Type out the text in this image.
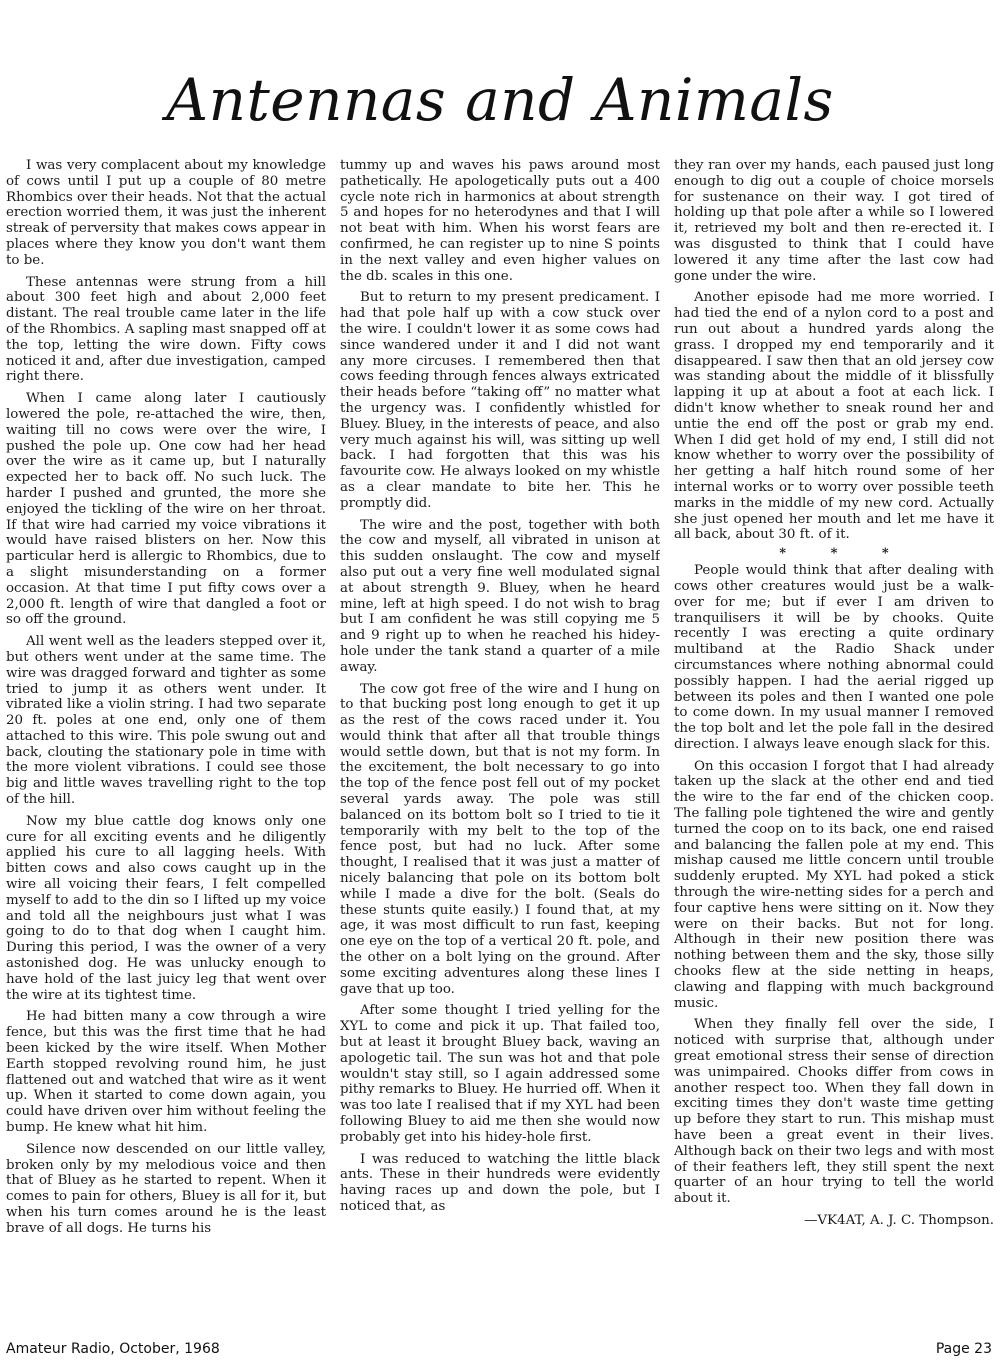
Antennas and Animals

I was very complacent about my knowledge of cows until I put up a couple of 80 metre Rhombics over their heads. Not that the actual erection worried them, it was just the inherent streak of perversity that makes cows appear in places where they know you don't want them to be.

These antennas were strung from a hill about 300 feet high and about 2,000 feet distant. The real trouble came later in the life of the Rhombics. A sapling mast snapped off at the top, letting the wire down. Fifty cows noticed it and, after due investigation, camped right there.

When I came along later I cautiously lowered the pole, re-attached the wire, then, waiting till no cows were over the wire, I pushed the pole up. One cow had her head over the wire as it came up, but I naturally expected her to back off. No such luck. The harder I pushed and grunted, the more she enjoyed the tickling of the wire on her throat. If that wire had carried my voice vibrations it would have raised blisters on her. Now this particular herd is allergic to Rhombics, due to a slight misunderstanding on a former occasion. At that time I put fifty cows over a 2,000 ft. length of wire that dangled a foot or so off the ground.

All went well as the leaders stepped over it, but others went under at the same time. The wire was dragged forward and tighter as some tried to jump it as others went under. It vibrated like a violin string. I had two separate 20 ft. poles at one end, only one of them attached to this wire. This pole swung out and back, clouting the stationary pole in time with the more violent vibrations. I could see those big and little waves travelling right to the top of the hill.

Now my blue cattle dog knows only one cure for all exciting events and he diligently applied his cure to all lagging heels. With bitten cows and also cows caught up in the wire all voicing their fears, I felt compelled myself to add to the din so I lifted up my voice and told all the neighbours just what I was going to do to that dog when I caught him. During this period, I was the owner of a very astonished dog. He was unlucky enough to have hold of the last juicy leg that went over the wire at its tightest time.

He had bitten many a cow through a wire fence, but this was the first time that he had been kicked by the wire itself. When Mother Earth stopped revolving round him, he just flattened out and watched that wire as it went up. When it started to come down again, you could have driven over him without feeling the bump. He knew what hit him.

Silence now descended on our little valley, broken only by my melodious voice and then that of Bluey as he started to repent. When it comes to pain for others, Bluey is all for it, but when his turn comes around he is the least brave of all dogs. He turns his

tummy up and waves his paws around most pathetically. He apologetically puts out a 400 cycle note rich in harmonics at about strength 5 and hopes for no heterodynes and that I will not beat with him. When his worst fears are confirmed, he can register up to nine S points in the next valley and even higher values on the db. scales in this one.

But to return to my present predicament. I had that pole half up with a cow stuck over the wire. I couldn't lower it as some cows had since wandered under it and I did not want any more circuses. I remembered then that cows feeding through fences always extricated their heads before “taking off” no matter what the urgency was. I confidently whistled for Bluey. Bluey, in the interests of peace, and also very much against his will, was sitting up well back. I had forgotten that this was his favourite cow. He always looked on my whistle as a clear mandate to bite her. This he promptly did.

The wire and the post, together with both the cow and myself, all vibrated in unison at this sudden onslaught. The cow and myself also put out a very fine well modulated signal at about strength 9. Bluey, when he heard mine, left at high speed. I do not wish to brag but I am confident he was still copying me 5 and 9 right up to when he reached his hidey-hole under the tank stand a quarter of a mile away.

The cow got free of the wire and I hung on to that bucking post long enough to get it up as the rest of the cows raced under it. You would think that after all that trouble things would settle down, but that is not my form. In the excitement, the bolt necessary to go into the top of the fence post fell out of my pocket several yards away. The pole was still balanced on its bottom bolt so I tried to tie it temporarily with my belt to the top of the fence post, but had no luck. After some thought, I realised that it was just a matter of nicely balancing that pole on its bottom bolt while I made a dive for the bolt. (Seals do these stunts quite easily.) I found that, at my age, it was most difficult to run fast, keeping one eye on the top of a vertical 20 ft. pole, and the other on a bolt lying on the ground. After some exciting adventures along these lines I gave that up too.

After some thought I tried yelling for the XYL to come and pick it up. That failed too, but at least it brought Bluey back, waving an apologetic tail. The sun was hot and that pole wouldn't stay still, so I again addressed some pithy remarks to Bluey. He hurried off. When it was too late I realised that if my XYL had been following Bluey to aid me then she would now probably get into his hidey-hole first.

I was reduced to watching the little black ants. These in their hundreds were evidently having races up and down the pole, but I noticed that, as

they ran over my hands, each paused just long enough to dig out a couple of choice morsels for sustenance on their way. I got tired of holding up that pole after a while so I lowered it, retrieved my bolt and then re-erected it. I was disgusted to think that I could have lowered it any time after the last cow had gone under the wire.

Another episode had me more worried. I had tied the end of a nylon cord to a post and run out about a hundred yards along the grass. I dropped my end temporarily and it disappeared. I saw then that an old jersey cow was standing about the middle of it blissfully lapping it up at about a foot at each lick. I didn't know whether to sneak round her and untie the end off the post or grab my end. When I did get hold of my end, I still did not know whether to worry over the possibility of her getting a half hitch round some of her internal works or to worry over possible teeth marks in the middle of my new cord. Actually she just opened her mouth and let me have it all back, about 30 ft. of it.

* * *

People would think that after dealing with cows other creatures would just be a walk-over for me; but if ever I am driven to tranquilisers it will be by chooks. Quite recently I was erecting a quite ordinary multiband at the Radio Shack under circumstances where nothing abnormal could possibly happen. I had the aerial rigged up between its poles and then I wanted one pole to come down. In my usual manner I removed the top bolt and let the pole fall in the desired direction. I always leave enough slack for this.

On this occasion I forgot that I had already taken up the slack at the other end and tied the wire to the far end of the chicken coop. The falling pole tightened the wire and gently turned the coop on to its back, one end raised and balancing the fallen pole at my end. This mishap caused me little concern until trouble suddenly erupted. My XYL had poked a stick through the wire-netting sides for a perch and four captive hens were sitting on it. Now they were on their backs. But not for long. Although in their new position there was nothing between them and the sky, those silly chooks flew at the side netting in heaps, clawing and flapping with much background music.

When they finally fell over the side, I noticed with surprise that, although under great emotional stress their sense of direction was unimpaired. Chooks differ from cows in another respect too. When they fall down in exciting times they don't waste time getting up before they start to run. This mishap must have been a great event in their lives. Although back on their two legs and with most of their feathers left, they still spent the next quarter of an hour trying to tell the world about it.

—VK4AT, A. J. C. Thompson.

Amateur Radio, October, 1968	Page 23
